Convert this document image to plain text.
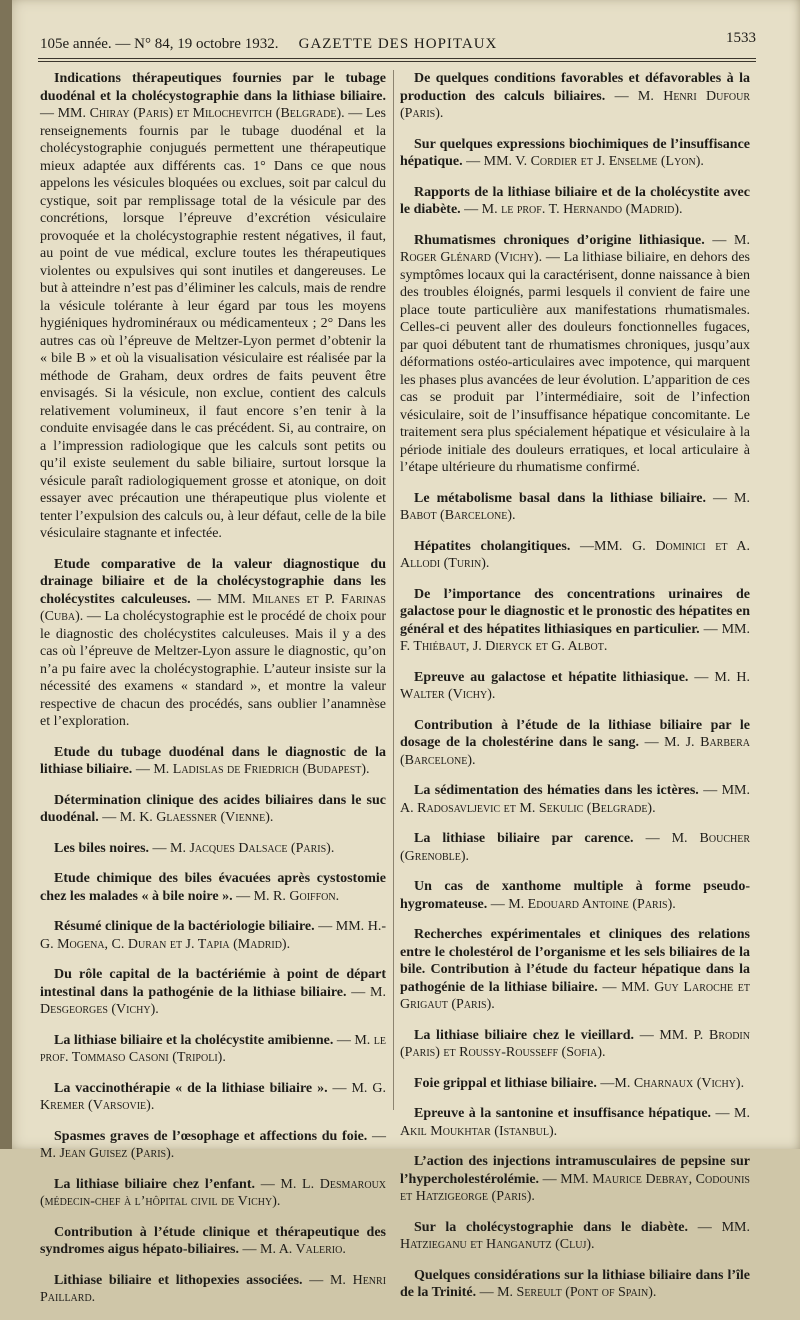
105e année. — N° 84, 19 octobre 1932.	GAZETTE DES HOPITAUX	1533

Indications thérapeutiques fournies par le tubage duodénal et la cholécystographie dans la lithiase biliaire. — MM. Chiray (Paris) et Milochevitch (Belgrade). — Les renseignements fournis par le tubage duodénal et la cholécystographie conjugués permettent une thérapeutique mieux adaptée aux différents cas. 1° Dans ce que nous appelons les vésicules bloquées ou exclues, soit par calcul du cystique, soit par remplissage total de la vésicule par des concrétions, lorsque l’épreuve d’excrétion vésiculaire provoquée et la cholécystographie restent négatives, il faut, au point de vue médical, exclure toutes les thérapeutiques violentes ou expulsives qui sont inutiles et dangereuses. Le but à atteindre n’est pas d’éliminer les calculs, mais de rendre la vésicule tolérante à leur égard par tous les moyens hygiéniques hydrominéraux ou médicamenteux ; 2° Dans les autres cas où l’épreuve de Meltzer-Lyon permet d’obtenir la « bile B » et où la visualisation vésiculaire est réalisée par la méthode de Graham, deux ordres de faits peuvent être envisagés. Si la vésicule, non exclue, contient des calculs relativement volumineux, il faut encore s’en tenir à la conduite envisagée dans le cas précédent. Si, au contraire, on a l’impression radiologique que les calculs sont petits ou qu’il existe seulement du sable biliaire, surtout lorsque la vésicule paraît radiologiquement grosse et atonique, on doit essayer avec précaution une thérapeutique plus violente et tenter l’expulsion des calculs ou, à leur défaut, celle de la bile vésiculaire stagnante et infectée.

Etude comparative de la valeur diagnostique du drainage biliaire et de la cholécystographie dans les cholécystites calculeuses. — MM. Milanes et P. Farinas (Cuba). — La cholécystographie est le procédé de choix pour le diagnostic des cholécystites calculeuses. Mais il y a des cas où l’épreuve de Meltzer-Lyon assure le diagnostic, qu’on n’a pu faire avec la cholécystographie. L’auteur insiste sur la nécessité des examens « standard », et montre la valeur respective de chacun des procédés, sans oublier l’anamnèse et l’exploration.

Etude du tubage duodénal dans le diagnostic de la lithiase biliaire. — M. Ladislas de Friedrich (Budapest).

Détermination clinique des acides biliaires dans le suc duodénal. — M. K. Glaessner (Vienne).

Les biles noires. — M. Jacques Dalsace (Paris).

Etude chimique des biles évacuées après cystostomie chez les malades « à bile noire ». — M. R. Goiffon.

Résumé clinique de la bactériologie biliaire. — MM. H.-G. Mogena, C. Duran et J. Tapia (Madrid).

Du rôle capital de la bactériémie à point de départ intestinal dans la pathogénie de la lithiase biliaire. — M. Desgeorges (Vichy).

La lithiase biliaire et la cholécystite amibienne. — M. le prof. Tommaso Casoni (Tripoli).

La vaccinothérapie « de la lithiase biliaire ». — M. G. Kremer (Varsovie).

Spasmes graves de l’œsophage et affections du foie. — M. Jean Guisez (Paris).

La lithiase biliaire chez l’enfant. — M. L. Desmaroux (médecin-chef à l’hôpital civil de Vichy).

Contribution à l’étude clinique et thérapeutique des syndromes aigus hépato-biliaires. — M. A. Valerio.

Lithiase biliaire et lithopexies associées. — M. Henri Paillard.

De quelques conditions favorables et défavorables à la production des calculs biliaires. — M. Henri Dufour (Paris).

Sur quelques expressions biochimiques de l’insuffisance hépatique. — MM. V. Cordier et J. Enselme (Lyon).

Rapports de la lithiase biliaire et de la cholécystite avec le diabète. — M. le prof. T. Hernando (Madrid).

Rhumatismes chroniques d’origine lithiasique. — M. Roger Glénard (Vichy). — La lithiase biliaire, en dehors des symptômes locaux qui la caractérisent, donne naissance à bien des troubles éloignés, parmi lesquels il convient de faire une place toute particulière aux manifestations rhumatismales. Celles-ci peuvent aller des douleurs fonctionnelles fugaces, par quoi débutent tant de rhumatismes chroniques, jusqu’aux déformations ostéo-articulaires avec impotence, qui marquent les phases plus avancées de leur évolution. L’apparition de ces cas se produit par l’intermédiaire, soit de l’infection vésiculaire, soit de l’insuffisance hépatique concomitante. Le traitement sera plus spécialement hépatique et vésiculaire à la période initiale des douleurs erratiques, et local articulaire à l’étape ultérieure du rhumatisme confirmé.

Le métabolisme basal dans la lithiase biliaire. — M. Babot (Barcelone).

Hépatites cholangitiques. —MM. G. Dominici et A. Allodi (Turin).

De l’importance des concentrations urinaires de galactose pour le diagnostic et le pronostic des hépatites en général et des hépatites lithiasiques en particulier. — MM. F. Thiébaut, J. Dieryck et G. Albot.

Epreuve au galactose et hépatite lithiasique. — M. H. Walter (Vichy).

Contribution à l’étude de la lithiase biliaire par le dosage de la cholestérine dans le sang. — M. J. Barbera (Barcelone).

La sédimentation des hématies dans les ictères. — MM. A. Radosavljevic et M. Sekulic (Belgrade).

La lithiase biliaire par carence. — M. Boucher (Grenoble).

Un cas de xanthome multiple à forme pseudo-hygromateuse. — M. Edouard Antoine (Paris).

Recherches expérimentales et cliniques des relations entre le cholestérol de l’organisme et les sels biliaires de la bile. Contribution à l’étude du facteur hépatique dans la pathogénie de la lithiase biliaire. — MM. Guy Laroche et Grigaut (Paris).

La lithiase biliaire chez le vieillard. — MM. P. Brodin (Paris) et Roussy-Rousseff (Sofia).

Foie grippal et lithiase biliaire. —M. Charnaux (Vichy).

Epreuve à la santonine et insuffisance hépatique. — M. Akil Moukhtar (Istanbul).

L’action des injections intramusculaires de pepsine sur l’hypercholestérolémie. — MM. Maurice Debray, Codounis et Hatzigeorge (Paris).

Sur la cholécystographie dans le diabète. — MM. Hatzieganu et Hanganutz (Cluj).

Quelques considérations sur la lithiase biliaire dans l’île de la Trinité. — M. Sereult (Pont of Spain).
